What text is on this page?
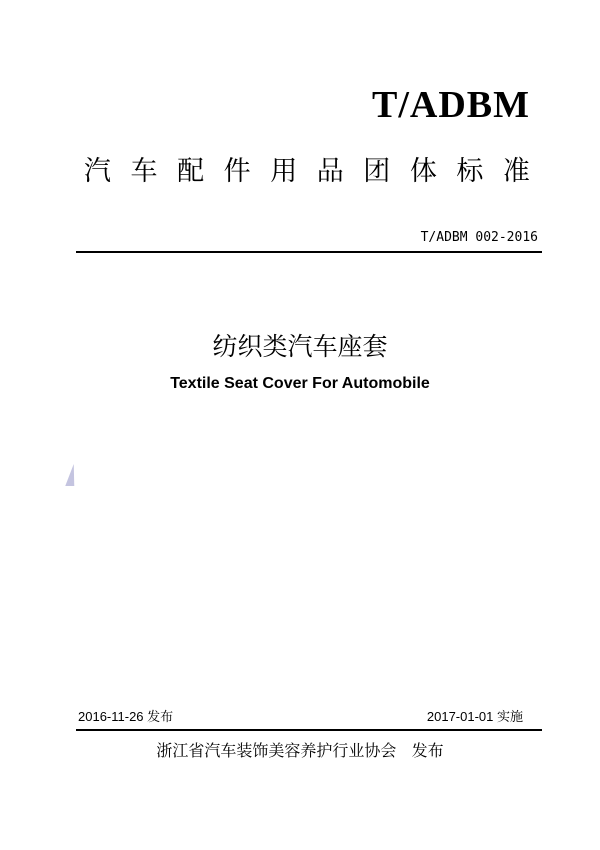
T/ADBM
汽 车 配 件 用 品 团 体 标 准
T/ADBM 002-2016
纺织类汽车座套
Textile Seat Cover For Automobile
2016-11-26 发布	2017-01-01 实施
浙江省汽车装饰美容养护行业协会 发布
